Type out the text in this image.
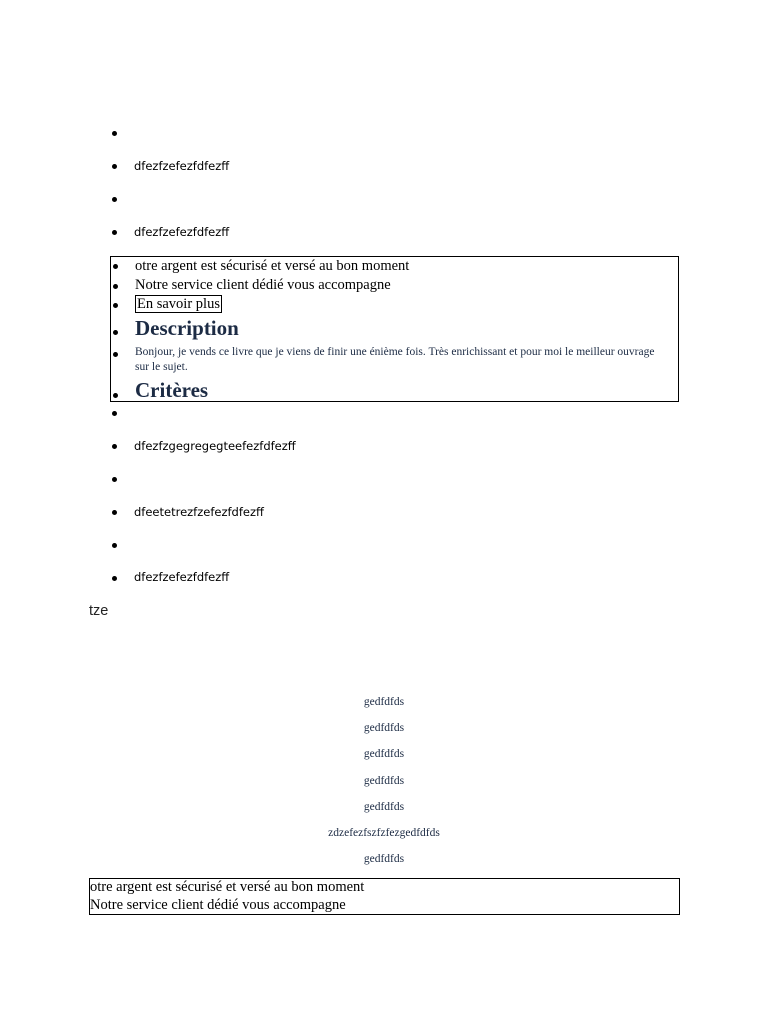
dfezfzefezfdfezff
dfezfzefezfdfezff
otre argent est sécurisé et versé au bon moment
Notre service client dédié vous accompagne
En savoir plus
Description
Bonjour, je vends ce livre que je viens de finir une énième fois. Très enrichissant et pour moi le meilleur ouvrage sur le sujet.
Critères
dfezfzgegregegteefezfdfezff
dfeetetrezfzefezfdfezff
dfezfzefezfdfezff
tze
gedfdfds
gedfdfds
gedfdfds
gedfdfds
gedfdfds
zdzefezfszfzfezgedfdfds
gedfdfds
otre argent est sécurisé et versé au bon moment
Notre service client dédié vous accompagne
